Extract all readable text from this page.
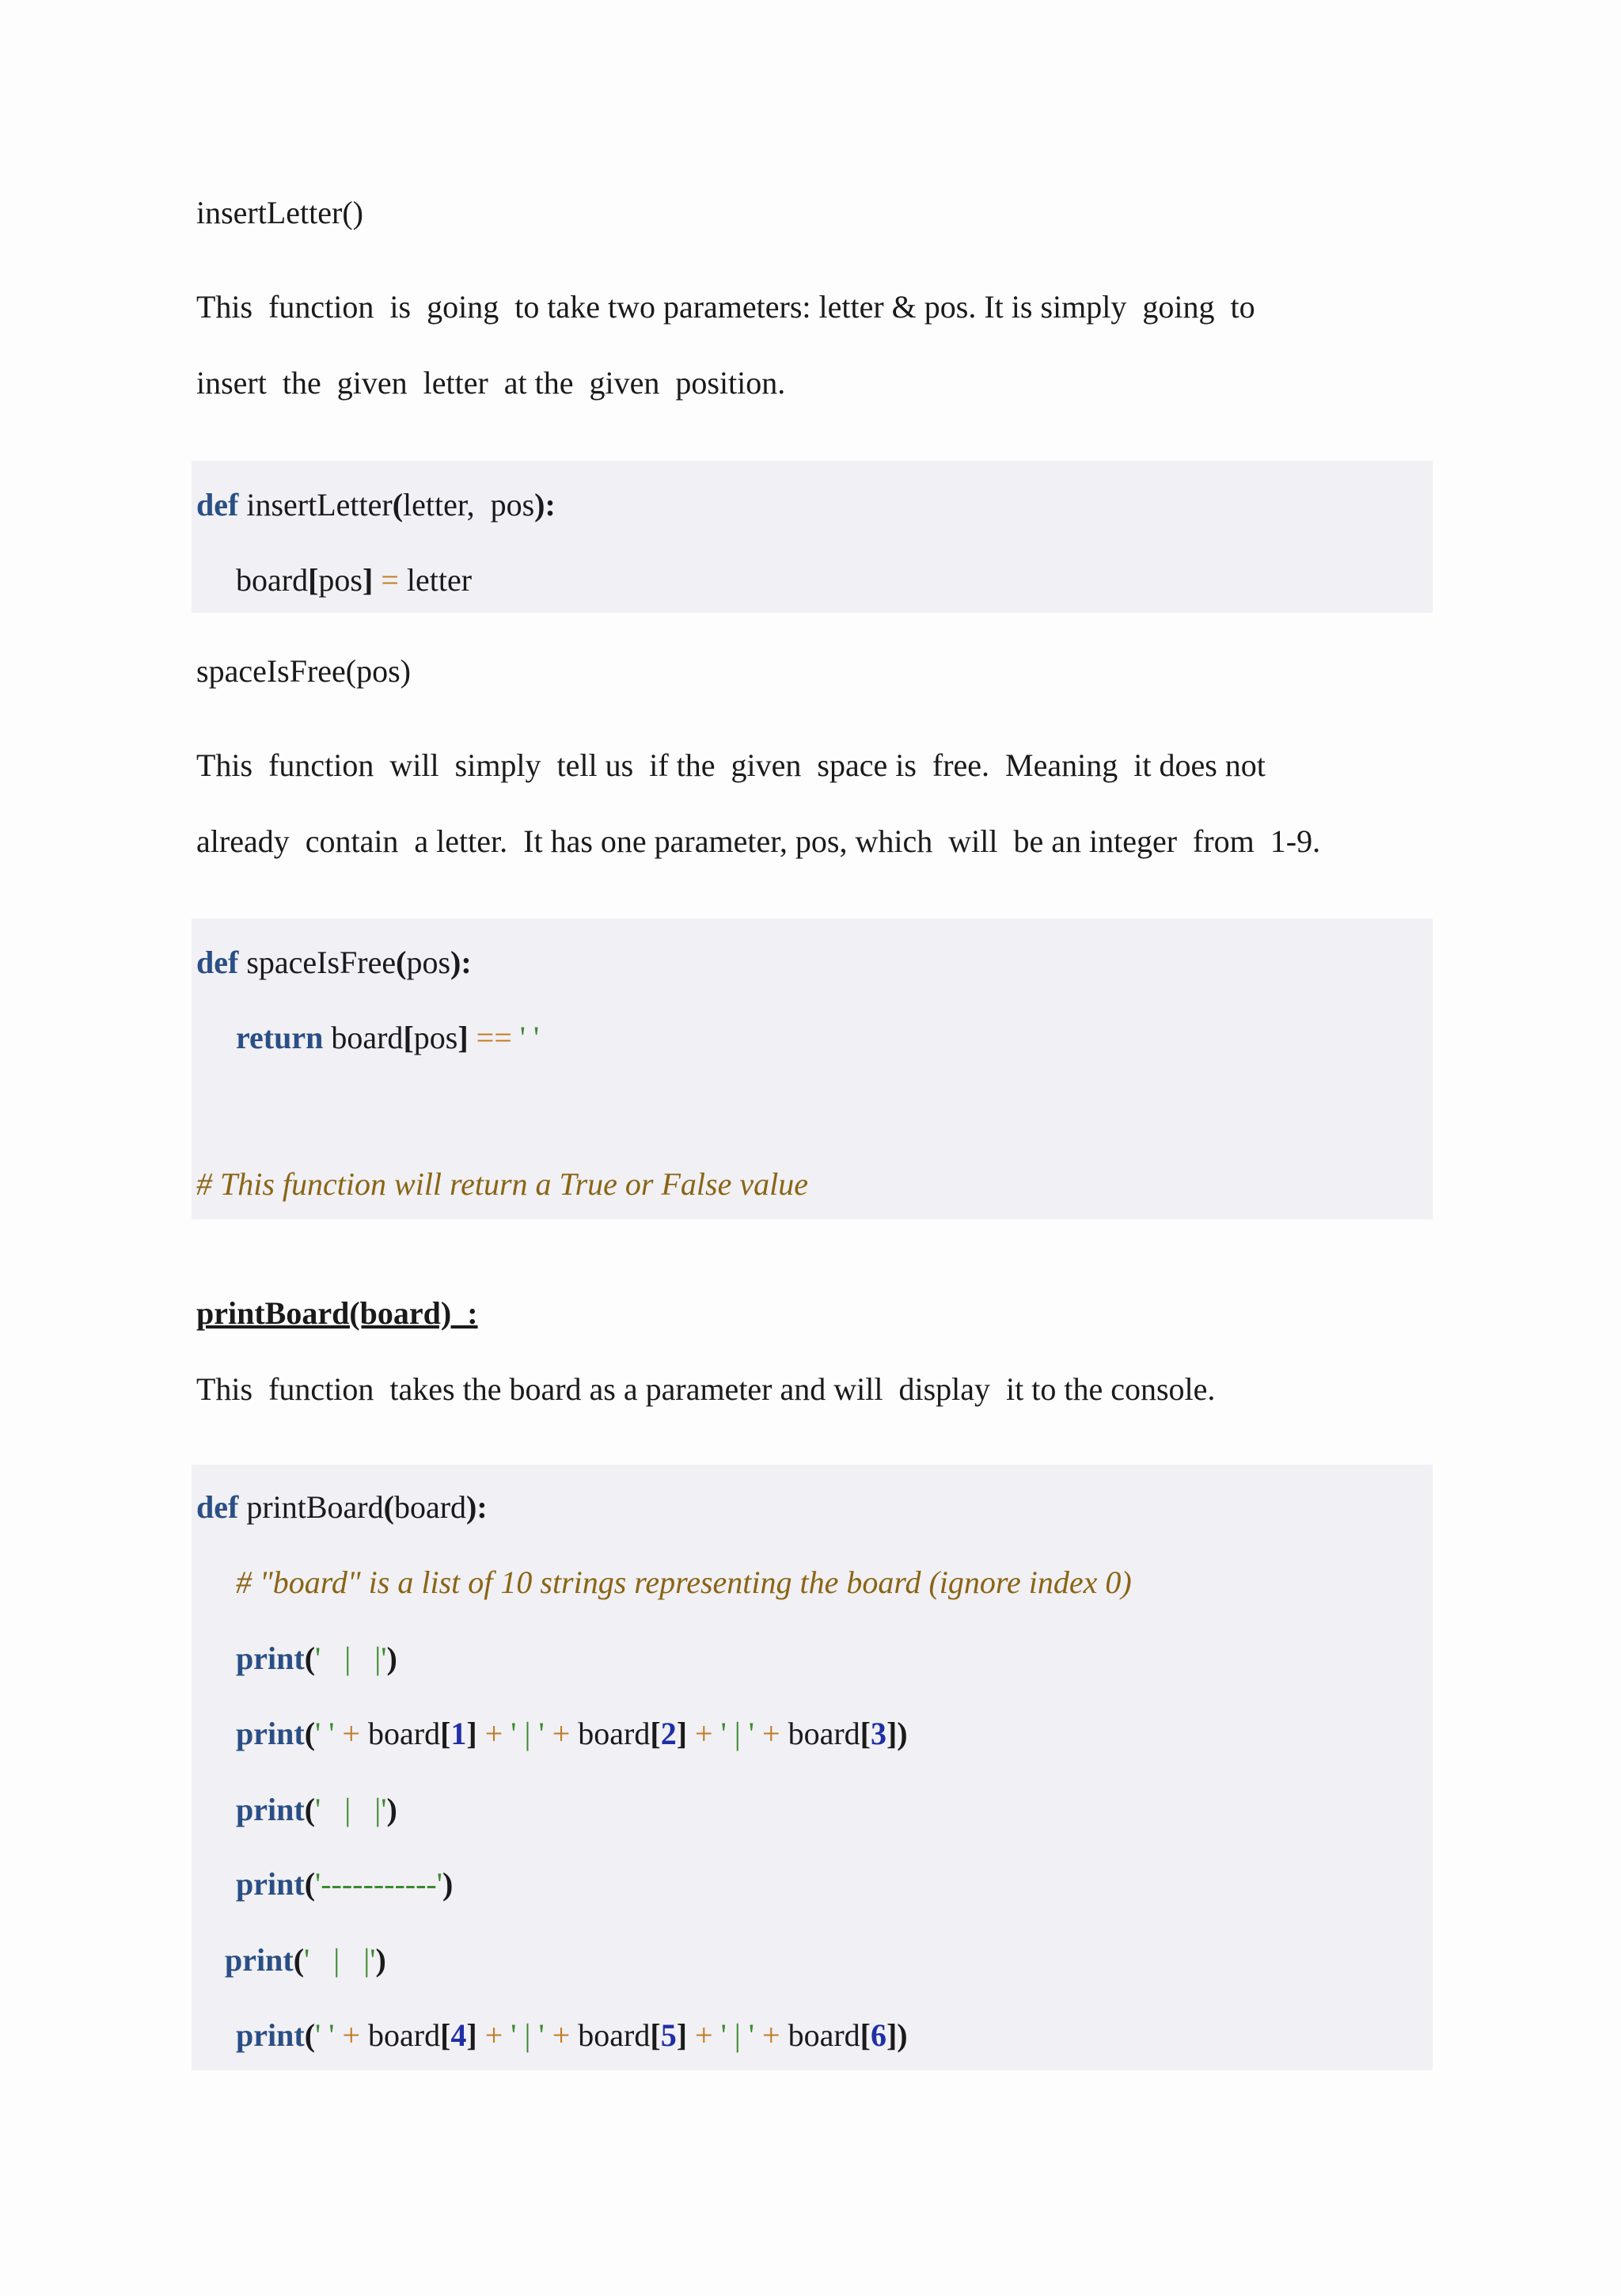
insertLetter()
This  function  is  going  to take two parameters: letter & pos. It is simply  going  to
insert  the  given  letter  at the  given  position.
def insertLetter(letter,  pos):
board[pos] = letter
spaceIsFree(pos)
This  function  will  simply  tell us  if the  given  space is  free.  Meaning  it does not
already  contain  a letter.  It has one parameter, pos, which  will  be an integer  from  1-9.
def spaceIsFree(pos):
return board[pos] == ' '
# This function will return a True or False value
printBoard(board)  :
This  function  takes the board as a parameter and will  display  it to the console.
def printBoard(board):
# "board" is a list of 10 strings representing the board (ignore index 0)
print('   |   |')
print(' ' + board[1] + ' | ' + board[2] + ' | ' + board[3])
print('   |   |')
print('-----------')
print('   |   |')
print(' ' + board[4] + ' | ' + board[5] + ' | ' + board[6])
